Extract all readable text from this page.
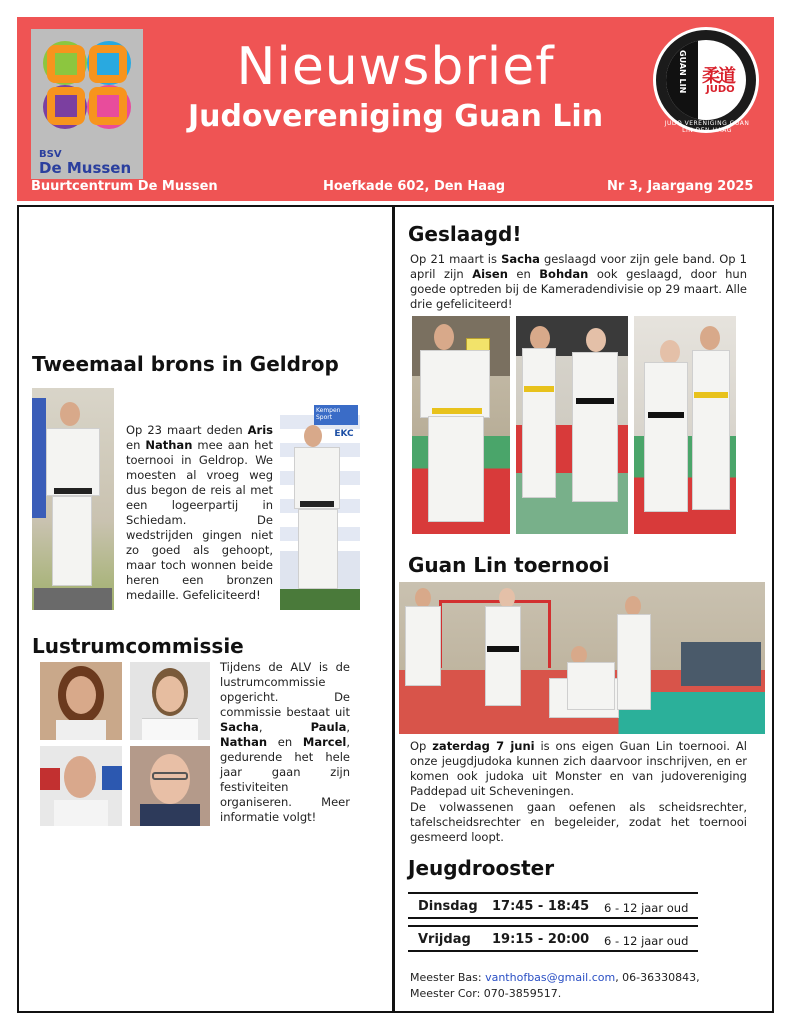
BSV
De Mussen
Nieuwsbrief
Judovereniging Guan Lin
GUAN LIN 柔道
JUDO
JUDO VERENIGING GUAN LIN DEN HAAG
Buurtcentrum De Mussen	Hoefkade 602, Den Haag	Nr 3, Jaargang 2025
Tweemaal brons in Geldrop
Op 23 maart deden Aris en Nathan mee aan het toernooi in Geldrop. We moesten al vroeg weg dus begon de reis al met een logeerpartij in Schiedam. De wedstrijden gingen niet zo goed als gehoopt, maar toch wonnen beide heren een bronzen medaille. Gefeliciteerd!
Kempen Sport
EKC
Lustrumcommissie
Tijdens de ALV is de lustrumcommissie opgericht. De commissie bestaat uit Sacha, Paula, Nathan en Marcel, gedurende het hele jaar gaan zijn festiviteiten organiseren. Meer informatie volgt!
Geslaagd!
Op 21 maart is Sacha geslaagd voor zijn gele band. Op 1 april zijn Aisen en Bohdan ook geslaagd, door hun goede optreden bij de Kameradendivisie op 29 maart. Alle drie gefeliciteerd!
Guan Lin toernooi
Op zaterdag 7 juni is ons eigen Guan Lin toernooi. Al onze jeugdjudoka kunnen zich daarvoor inschrijven, en er komen ook judoka uit Monster en van judovereniging Paddepad uit Scheveningen.
De volwassenen gaan oefenen als scheidsrechter, tafelscheidsrechter en begeleider, zodat het toernooi gesmeerd loopt.
Jeugdrooster
Dinsdag 17:45 - 18:45 6 - 12 jaar oud
Vrijdag 19:15 - 20:00 6 - 12 jaar oud
Meester Bas: vanthofbas@gmail.com, 06-36330843,
Meester Cor: 070-3859517.
